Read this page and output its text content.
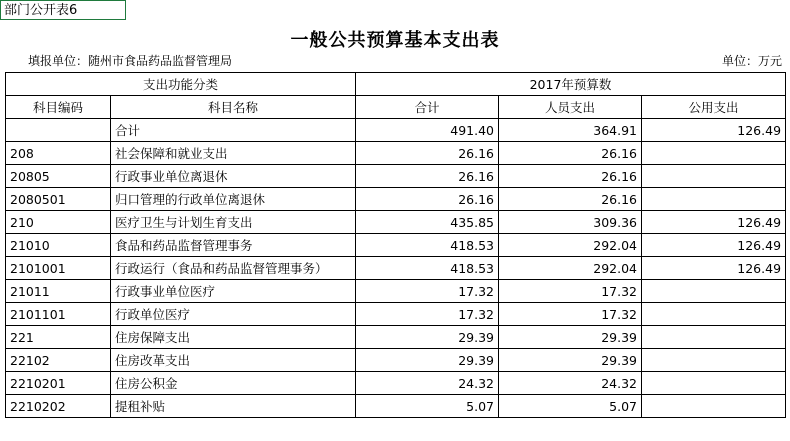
部门公开表6
一般公共预算基本支出表
填报单位：随州市食品药品监督管理局	单位：万元
支出功能分类		2017年预算数		
科目编码	科目名称	合计	人员支出	公用支出
	合计	491.40	364.91	126.49
208	社会保障和就业支出	26.16	26.16	
20805	行政事业单位离退休	26.16	26.16	
2080501	归口管理的行政单位离退休	26.16	26.16	
210	医疗卫生与计划生育支出	435.85	309.36	126.49
21010	食品和药品监督管理事务	418.53	292.04	126.49
2101001	行政运行（食品和药品监督管理事务）	418.53	292.04	126.49
21011	行政事业单位医疗	17.32	17.32	
2101101	行政单位医疗	17.32	17.32	
221	住房保障支出	29.39	29.39	
22102	住房改革支出	29.39	29.39	
2210201	住房公积金	24.32	24.32	
2210202	提租补贴	5.07	5.07	
